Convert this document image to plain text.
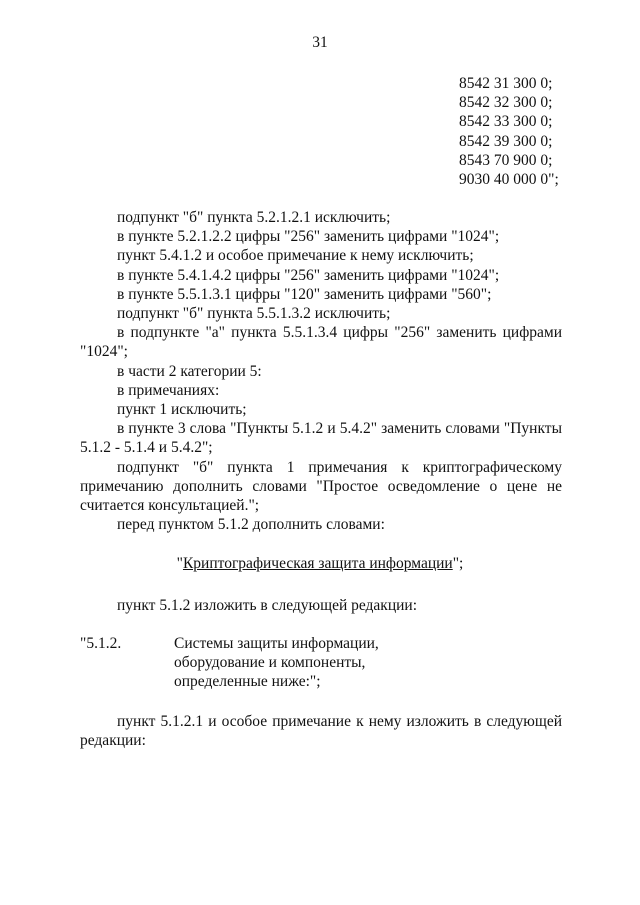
31
8542 31 300 0;
8542 32 300 0;
8542 33 300 0;
8542 39 300 0;
8543 70 900 0;
9030 40 000 0";

подпункт "б" пункта 5.2.1.2.1 исключить;

в пункте 5.2.1.2.2 цифры "256" заменить цифрами "1024";

пункт 5.4.1.2 и особое примечание к нему исключить;

в пункте 5.4.1.4.2 цифры "256" заменить цифрами "1024";

в пункте 5.5.1.3.1 цифры "120" заменить цифрами "560";

подпункт "б" пункта 5.5.1.3.2 исключить;

в подпункте "а" пункта 5.5.1.3.4 цифры "256" заменить цифрами "1024";

в части 2 категории 5:

в примечаниях:

пункт 1 исключить;

в пункте 3 слова "Пункты 5.1.2 и 5.4.2" заменить словами "Пункты 5.1.2 - 5.1.4 и 5.4.2";

подпункт "б" пункта 1 примечания к криптографическому примечанию дополнить словами "Простое осведомление о цене не считается консультацией.";

перед пунктом 5.1.2 дополнить словами:

"Криптографическая защита информации";
пункт 5.1.2 изложить в следующей редакции:
"5.1.2.	Системы защиты информации,
оборудование и компоненты,
определенные ниже:";

пункт 5.1.2.1 и особое примечание к нему изложить в следующей редакции:
